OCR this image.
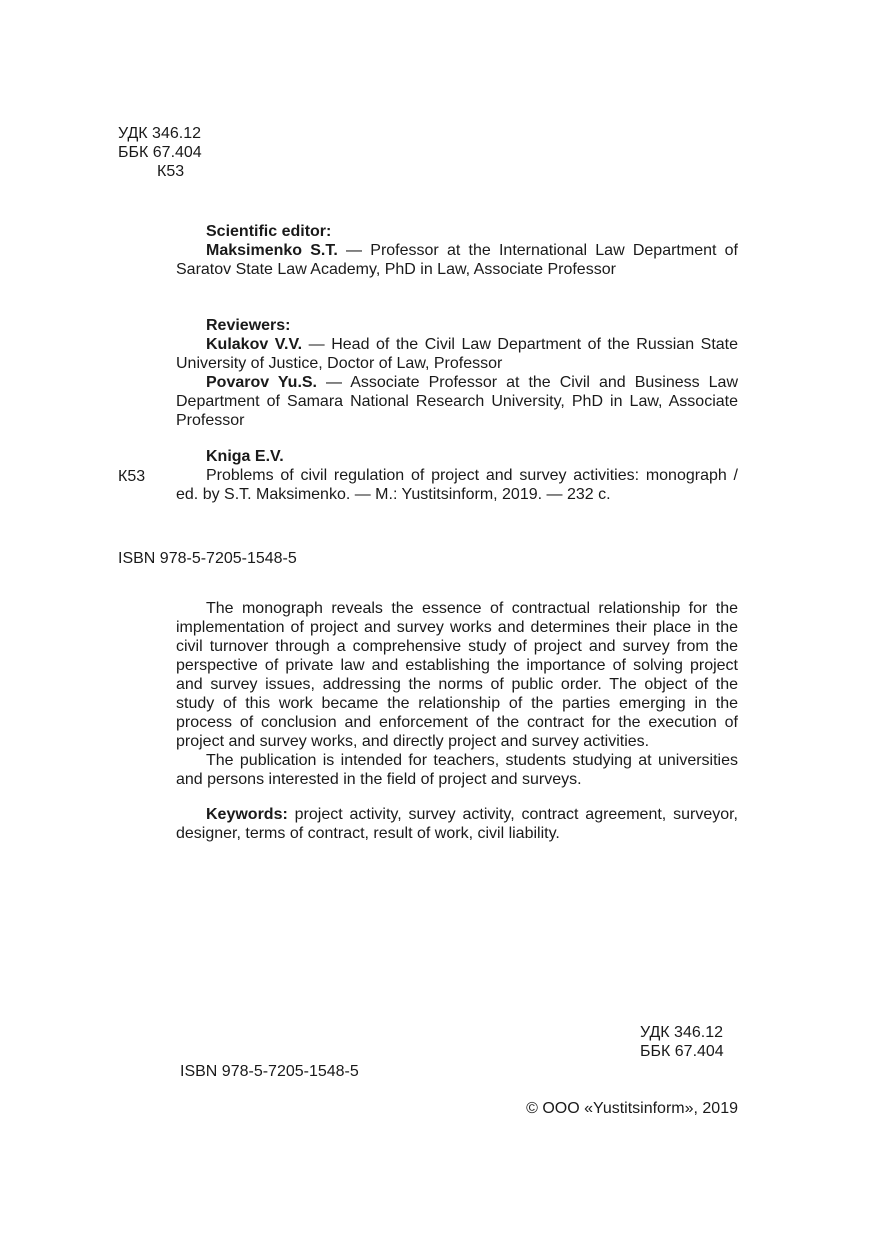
УДК 346.12
ББК 67.404
К53
Scientific editor:

Maksimenko S.T. — Professor at the International Law Department of Saratov State Law Academy, PhD in Law, Associate Professor

Reviewers:

Kulakov V.V. — Head of the Civil Law Department of the Russian State University of Justice, Doctor of Law, Professor

Povarov Yu.S. — Associate Professor at the Civil and Business Law Department of Samara National Research University, PhD in Law, Associate Professor

Kniga E.V.
К53	Problems of civil regulation of project and survey activities: monograph / ed. by S.T. Maksimenko. — M.: Yustitsinform, 2019. — 232 с.

ISBN 978-5-7205-1548-5

The monograph reveals the essence of contractual relationship for the implementation of project and survey works and determines their place in the civil turnover through a comprehensive study of project and survey from the perspective of private law and establishing the importance of solving project and survey issues, addressing the norms of public order. The object of the study of this work became the relationship of the parties emerging in the process of conclusion and enforcement of the contract for the execution of project and survey works, and directly project and survey activities.

The publication is intended for teachers, students studying at universities and persons interested in the field of project and surveys.

Keywords: project activity, survey activity, contract agreement, surveyor, designer, terms of contract, result of work, civil liability.

УДК 346.12
ББК 67.404
ISBN 978-5-7205-1548-5
© ООО «Yustitsinform», 2019
